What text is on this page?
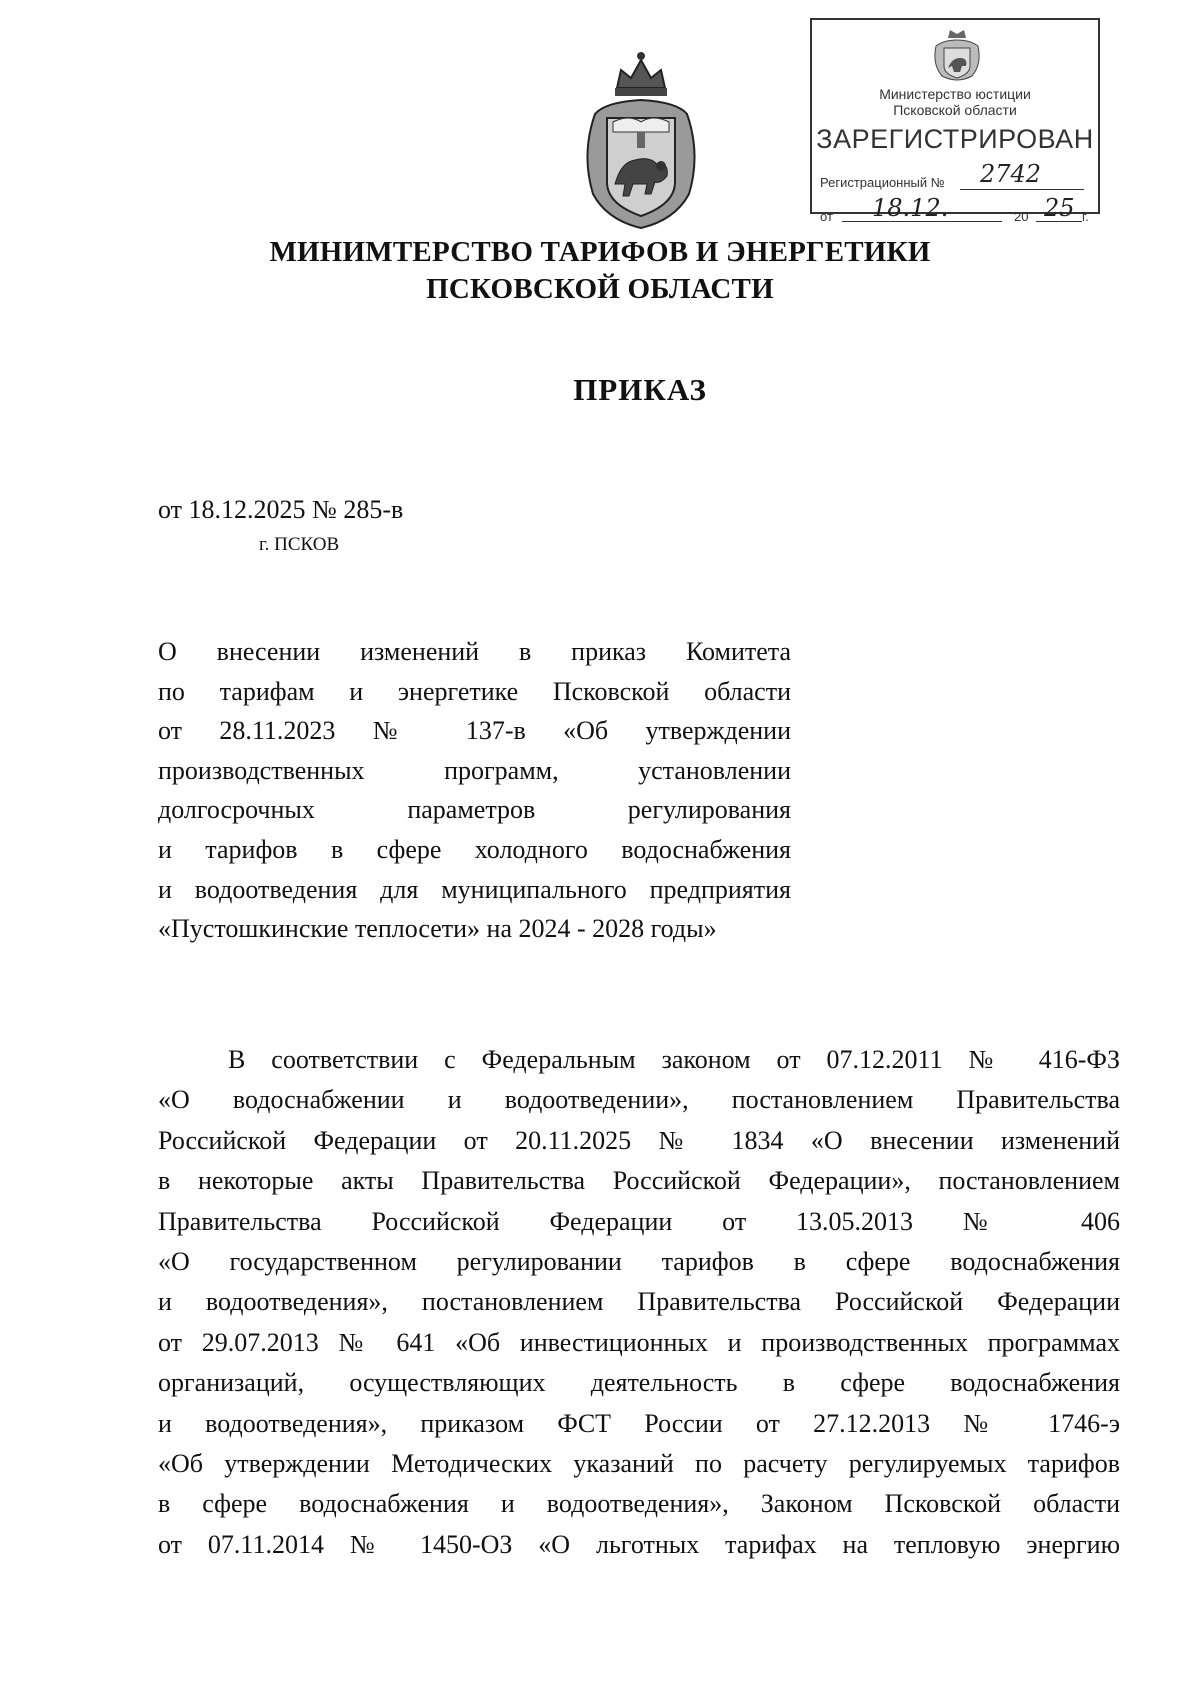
Министерство юстиции
Псковской области
ЗАРЕГИСТРИРОВАН
Регистрационный № 2742
от 18.12.	20 25 г.
МИНИМТЕРСТВО ТАРИФОВ И ЭНЕРГЕТИКИ
ПСКОВСКОЙ ОБЛАСТИ
ПРИКАЗ
от 18.12.2025 № 285-в
г. ПСКОВ
О внесении изменений в приказ Комитета
по тарифам и энергетике Псковской области
от 28.11.2023 № 137-в «Об утверждении
производственных программ, установлении
долгосрочных параметров регулирования
и тарифов в сфере холодного водоснабжения
и водоотведения для муниципального предприятия
«Пустошкинские теплосети» на 2024 - 2028 годы»
В соответствии с Федеральным законом от 07.12.2011 № 416-ФЗ
«О водоснабжении и водоотведении», постановлением Правительства
Российской Федерации от 20.11.2025 № 1834 «О внесении изменений
в некоторые акты Правительства Российской Федерации», постановлением
Правительства Российской Федерации от 13.05.2013 № 406
«О государственном регулировании тарифов в сфере водоснабжения
и водоотведения», постановлением Правительства Российской Федерации
от 29.07.2013 № 641 «Об инвестиционных и производственных программах
организаций, осуществляющих деятельность в сфере водоснабжения
и водоотведения», приказом ФСТ России от 27.12.2013 № 1746-э
«Об утверждении Методических указаний по расчету регулируемых тарифов
в сфере водоснабжения и водоотведения», Законом Псковской области
от 07.11.2014 № 1450-ОЗ «О льготных тарифах на тепловую энергию
